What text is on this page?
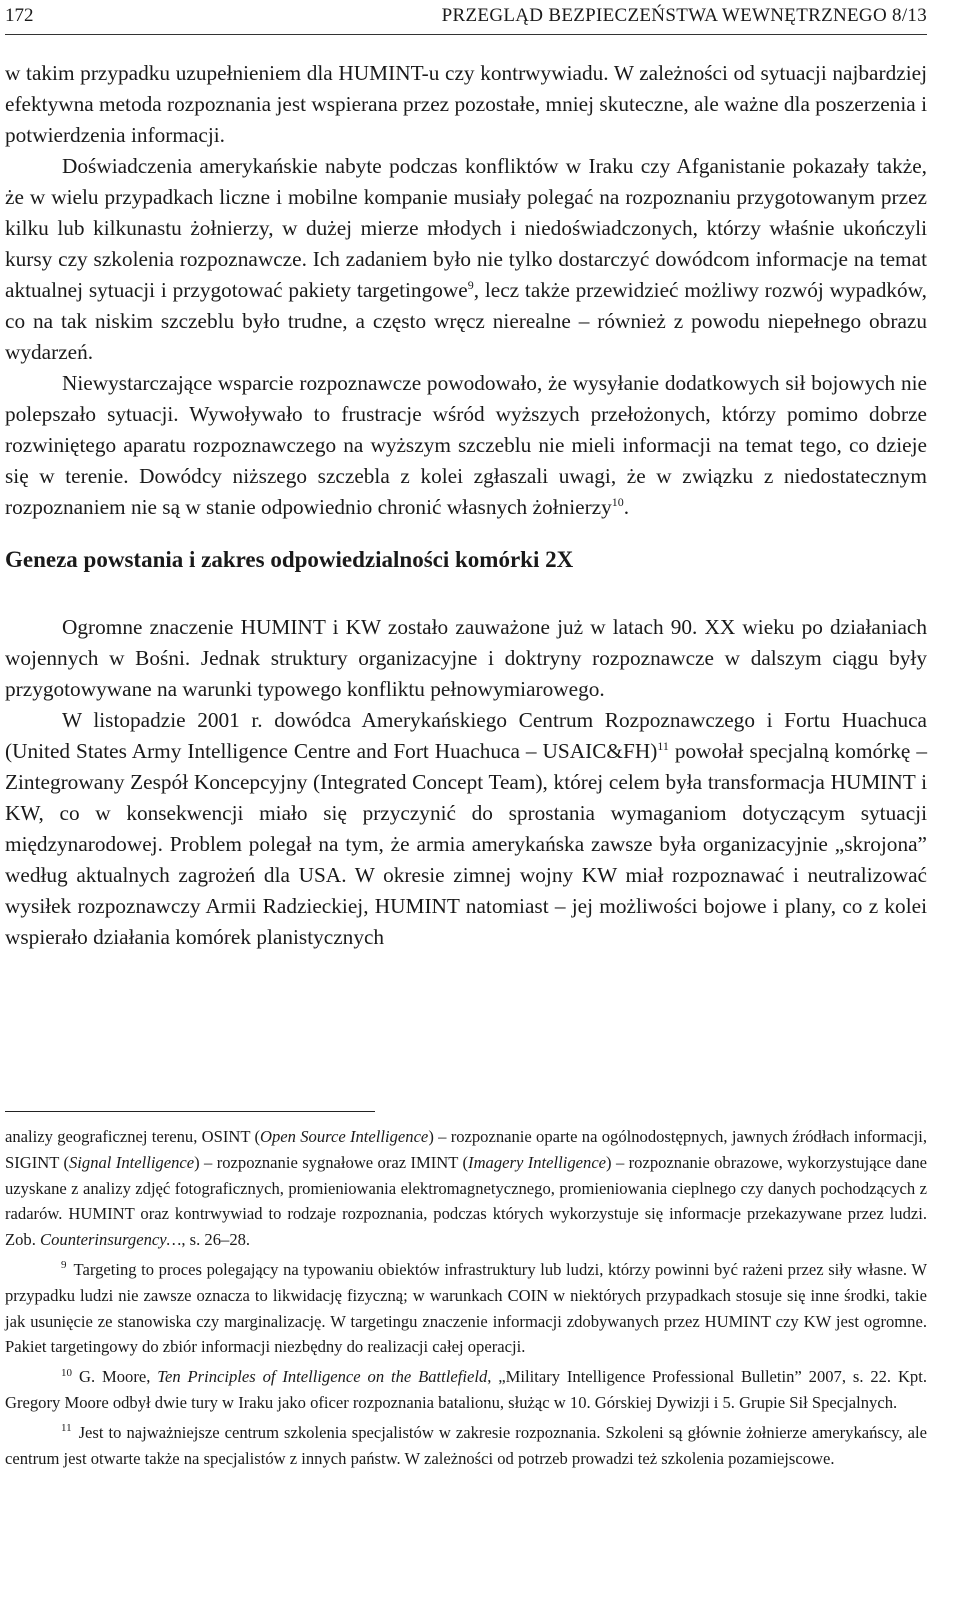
172	PRZEGLĄD BEZPIECZEŃSTWA WEWNĘTRZNEGO 8/13

w takim przypadku uzupełnieniem dla HUMINT-u czy kontrwywiadu. W zależności od sytuacji najbardziej efektywna metoda rozpoznania jest wspierana przez pozostałe, mniej skuteczne, ale ważne dla poszerzenia i potwierdzenia informacji.

Doświadczenia amerykańskie nabyte podczas konfliktów w Iraku czy Afganistanie pokazały także, że w wielu przypadkach liczne i mobilne kompanie musiały polegać na rozpoznaniu przygotowanym przez kilku lub kilkunastu żołnierzy, w dużej mierze młodych i niedoświadczonych, którzy właśnie ukończyli kursy czy szkolenia rozpoznawcze. Ich zadaniem było nie tylko dostarczyć dowódcom informacje na temat aktualnej sytuacji i przygotować pakiety targetingowe$^9$, lecz także przewidzieć możliwy rozwój wypadków, co na tak niskim szczeblu było trudne, a często wręcz nierealne – również z powodu niepełnego obrazu wydarzeń.

Niewystarczające wsparcie rozpoznawcze powodowało, że wysyłanie dodatkowych sił bojowych nie polepszało sytuacji. Wywoływało to frustracje wśród wyższych przełożonych, którzy pomimo dobrze rozwiniętego aparatu rozpoznawczego na wyższym szczeblu nie mieli informacji na temat tego, co dzieje się w terenie. Dowódcy niższego szczebla z kolei zgłaszali uwagi, że w związku z niedostatecznym rozpoznaniem nie są w stanie odpowiednio chronić własnych żołnierzy$^{10}$.

Geneza powstania i zakres odpowiedzialności komórki 2X

Ogromne znaczenie HUMINT i KW zostało zauważone już w latach 90. XX wieku po działaniach wojennych w Bośni. Jednak struktury organizacyjne i doktryny rozpoznawcze w dalszym ciągu były przygotowywane na warunki typowego konfliktu pełnowymiarowego.

W listopadzie 2001 r. dowódca Amerykańskiego Centrum Rozpoznawczego i Fortu Huachuca (United States Army Intelligence Centre and Fort Huachuca – USAIC&FH)$^{11}$ powołał specjalną komórkę – Zintegrowany Zespół Koncepcyjny (Integrated Concept Team), której celem była transformacja HUMINT i KW, co w konsekwencji miało się przyczynić do sprostania wymaganiom dotyczącym sytuacji międzynarodowej. Problem polegał na tym, że armia amerykańska zawsze była organizacyjnie „skrojona” według aktualnych zagrożeń dla USA. W okresie zimnej wojny KW miał rozpoznawać i neutralizować wysiłek rozpoznawczy Armii Radzieckiej, HUMINT natomiast – jej możliwości bojowe i plany, co z kolei wspierało działania komórek planistycznych

analizy geograficznej terenu, OSINT (Open Source Intelligence) – rozpoznanie oparte na ogólnodostępnych, jawnych źródłach informacji, SIGINT (Signal Intelligence) – rozpoznanie sygnałowe oraz IMINT (Imagery Intelligence) – rozpoznanie obrazowe, wykorzystujące dane uzyskane z analizy zdjęć fotograficznych, promieniowania elektromagnetycznego, promieniowania cieplnego czy danych pochodzących z radarów. HUMINT oraz kontrwywiad to rodzaje rozpoznania, podczas których wykorzystuje się informacje przekazywane przez ludzi. Zob. Counterinsurgency…, s. 26–28.

$^9$ Targeting to proces polegający na typowaniu obiektów infrastruktury lub ludzi, którzy powinni być rażeni przez siły własne. W przypadku ludzi nie zawsze oznacza to likwidację fizyczną; w warunkach COIN w niektórych przypadkach stosuje się inne środki, takie jak usunięcie ze stanowiska czy marginalizację. W targetingu znaczenie informacji zdobywanych przez HUMINT czy KW jest ogromne. Pakiet targetingowy do zbiór informacji niezbędny do realizacji całej operacji.

$^{10}$ G. Moore, Ten Principles of Intelligence on the Battlefield, „Military Intelligence Professional Bulletin” 2007, s. 22. Kpt. Gregory Moore odbył dwie tury w Iraku jako oficer rozpoznania batalionu, służąc w 10. Górskiej Dywizji i 5. Grupie Sił Specjalnych.

$^{11}$ Jest to najważniejsze centrum szkolenia specjalistów w zakresie rozpoznania. Szkoleni są głównie żołnierze amerykańscy, ale centrum jest otwarte także na specjalistów z innych państw. W zależności od potrzeb prowadzi też szkolenia pozamiejscowe.
